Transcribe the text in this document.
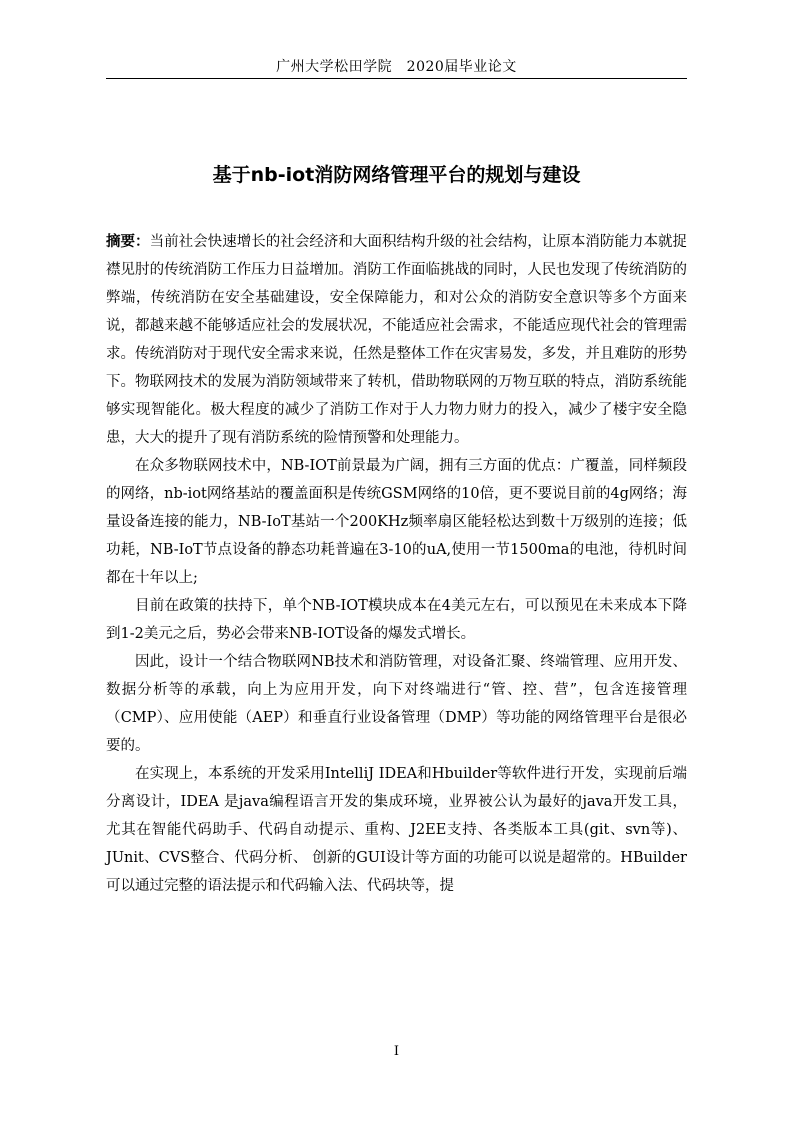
广州大学松田学院　2020届毕业论文
基于nb-iot消防网络管理平台的规划与建设

摘要：当前社会快速增长的社会经济和大面积结构升级的社会结构，让原本消防能力本就捉襟见肘的传统消防工作压力日益增加。消防工作面临挑战的同时，人民也发现了传统消防的弊端，传统消防在安全基础建设，安全保障能力，和对公众的消防安全意识等多个方面来说，都越来越不能够适应社会的发展状况，不能适应社会需求，不能适应现代社会的管理需求。传统消防对于现代安全需求来说，任然是整体工作在灾害易发，多发，并且难防的形势下。物联网技术的发展为消防领域带来了转机，借助物联网的万物互联的特点，消防系统能够实现智能化。极大程度的减少了消防工作对于人力物力财力的投入，减少了楼宇安全隐患，大大的提升了现有消防系统的险情预警和处理能力。

在众多物联网技术中，NB-IOT前景最为广阔，拥有三方面的优点：广覆盖，同样频段的网络，nb-iot网络基站的覆盖面积是传统GSM网络的10倍，更不要说目前的4g网络；海量设备连接的能力，NB-IoT基站一个200KHz频率扇区能轻松达到数十万级别的连接；低功耗，NB-IoT节点设备的静态功耗普遍在3-10的uA,使用一节1500ma的电池，待机时间都在十年以上;

目前在政策的扶持下，单个NB-IOT模块成本在4美元左右，可以预见在未来成本下降到1-2美元之后，势必会带来NB-IOT设备的爆发式增长。

因此，设计一个结合物联网NB技术和消防管理，对设备汇聚、终端管理、应用开发、数据分析等的承载，向上为应用开发，向下对终端进行“管、控、营”，包含连接管理（CMP）、应用使能（AEP）和垂直行业设备管理（DMP）等功能的网络管理平台是很必要的。

在实现上，本系统的开发采用IntelliJ IDEA和Hbuilder等软件进行开发，实现前后端分离设计，IDEA 是java编程语言开发的集成环境，业界被公认为最好的java开发工具，尤其在智能代码助手、代码自动提示、重构、J2EE支持、各类版本工具(git、svn等)、JUnit、CVS整合、代码分析、 创新的GUI设计等方面的功能可以说是超常的。HBuilder可以通过完整的语法提示和代码输入法、代码块等，提

I
